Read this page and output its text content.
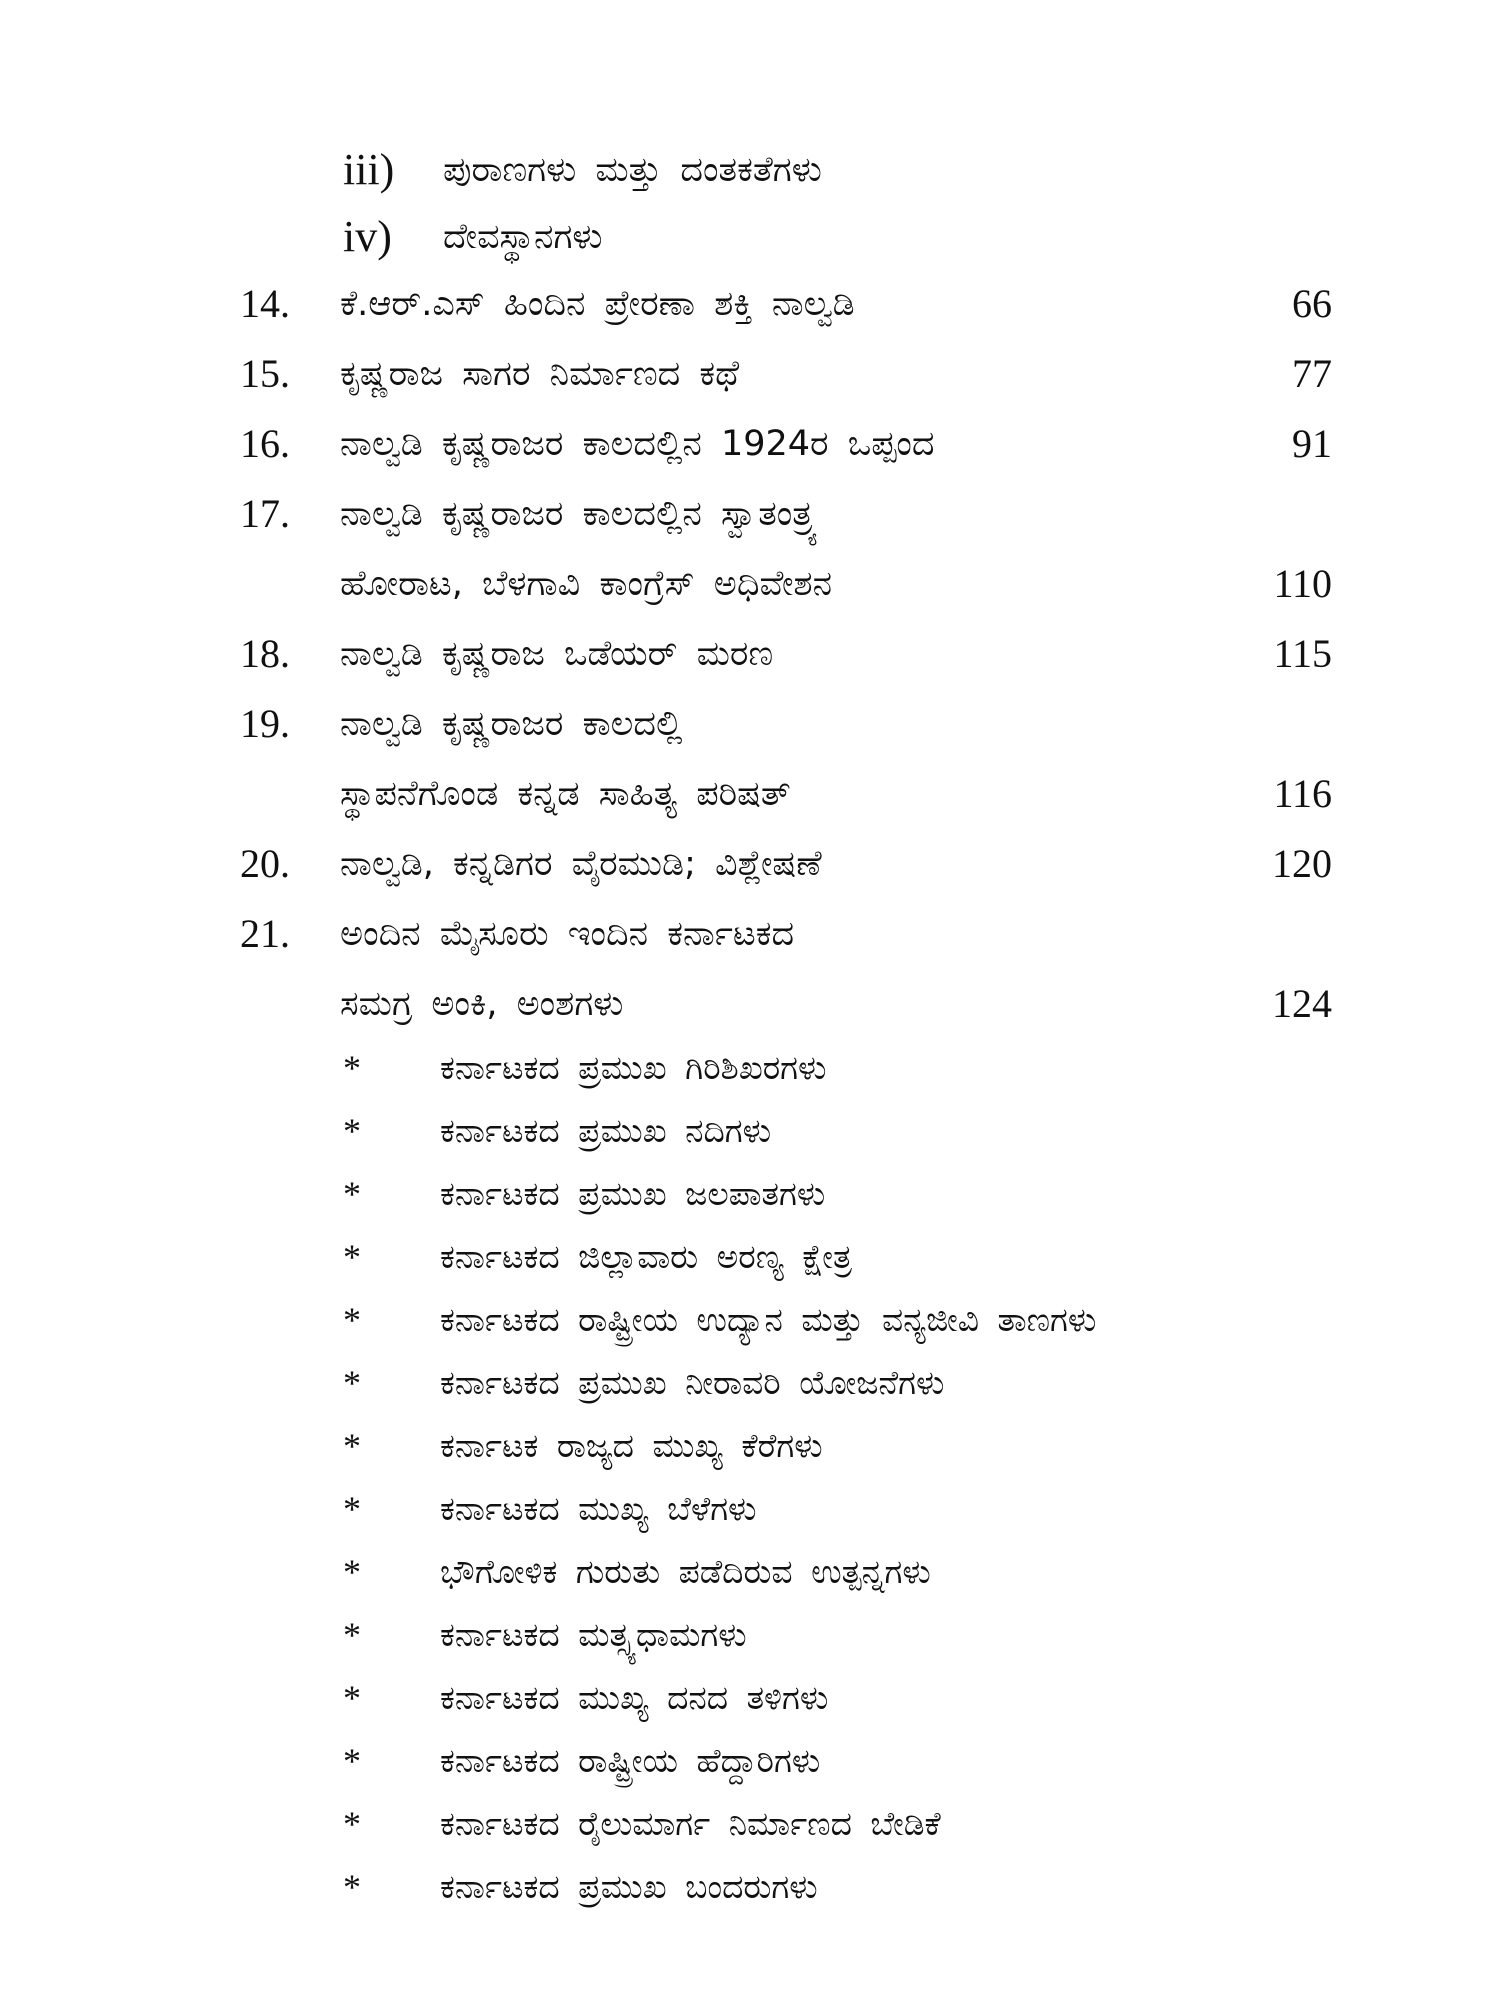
iii) ಪುರಾಣಗಳು ಮತ್ತು ದಂತಕತೆಗಳು
iv) ದೇವಸ್ಥಾನಗಳು
14. ಕೆ.ಆರ್.ಎಸ್ ಹಿಂದಿನ ಪ್ರೇರಣಾ ಶಕ್ತಿ ನಾಲ್ವಡಿ	66
15. ಕೃಷ್ಣರಾಜ ಸಾಗರ ನಿರ್ಮಾಣದ ಕಥೆ	77
16. ನಾಲ್ವಡಿ ಕೃಷ್ಣರಾಜರ ಕಾಲದಲ್ಲಿನ 1924ರ ಒಪ್ಪಂದ	91
17. ನಾಲ್ವಡಿ ಕೃಷ್ಣರಾಜರ ಕಾಲದಲ್ಲಿನ ಸ್ವಾತಂತ್ರ್ಯ
ಹೋರಾಟ, ಬೆಳಗಾವಿ ಕಾಂಗ್ರೆಸ್ ಅಧಿವೇಶನ	110
18. ನಾಲ್ವಡಿ ಕೃಷ್ಣರಾಜ ಒಡೆಯರ್ ಮರಣ	115
19. ನಾಲ್ವಡಿ ಕೃಷ್ಣರಾಜರ ಕಾಲದಲ್ಲಿ
ಸ್ಥಾಪನೆಗೊಂಡ ಕನ್ನಡ ಸಾಹಿತ್ಯ ಪರಿಷತ್	116
20. ನಾಲ್ವಡಿ, ಕನ್ನಡಿಗರ ವೈರಮುಡಿ; ವಿಶ್ಲೇಷಣೆ	120
21. ಅಂದಿನ ಮೈಸೂರು ಇಂದಿನ ಕರ್ನಾಟಕದ
ಸಮಗ್ರ ಅಂಕಿ, ಅಂಶಗಳು	124
* ಕರ್ನಾಟಕದ ಪ್ರಮುಖ ಗಿರಿಶಿಖರಗಳು
* ಕರ್ನಾಟಕದ ಪ್ರಮುಖ ನದಿಗಳು
* ಕರ್ನಾಟಕದ ಪ್ರಮುಖ ಜಲಪಾತಗಳು
* ಕರ್ನಾಟಕದ ಜಿಲ್ಲಾವಾರು ಅರಣ್ಯ ಕ್ಷೇತ್ರ
* ಕರ್ನಾಟಕದ ರಾಷ್ಟ್ರೀಯ ಉದ್ಯಾನ ಮತ್ತು ವನ್ಯಜೀವಿ ತಾಣಗಳು
* ಕರ್ನಾಟಕದ ಪ್ರಮುಖ ನೀರಾವರಿ ಯೋಜನೆಗಳು
* ಕರ್ನಾಟಕ ರಾಜ್ಯದ ಮುಖ್ಯ ಕೆರೆಗಳು
* ಕರ್ನಾಟಕದ ಮುಖ್ಯ ಬೆಳೆಗಳು
* ಭೌಗೋಳಿಕ ಗುರುತು ಪಡೆದಿರುವ ಉತ್ಪನ್ನಗಳು
* ಕರ್ನಾಟಕದ ಮತ್ಸ್ಯಧಾಮಗಳು
* ಕರ್ನಾಟಕದ ಮುಖ್ಯ ದನದ ತಳಿಗಳು
* ಕರ್ನಾಟಕದ ರಾಷ್ಟ್ರೀಯ ಹೆದ್ದಾರಿಗಳು
* ಕರ್ನಾಟಕದ ರೈಲುಮಾರ್ಗ ನಿರ್ಮಾಣದ ಬೇಡಿಕೆ
* ಕರ್ನಾಟಕದ ಪ್ರಮುಖ ಬಂದರುಗಳು
